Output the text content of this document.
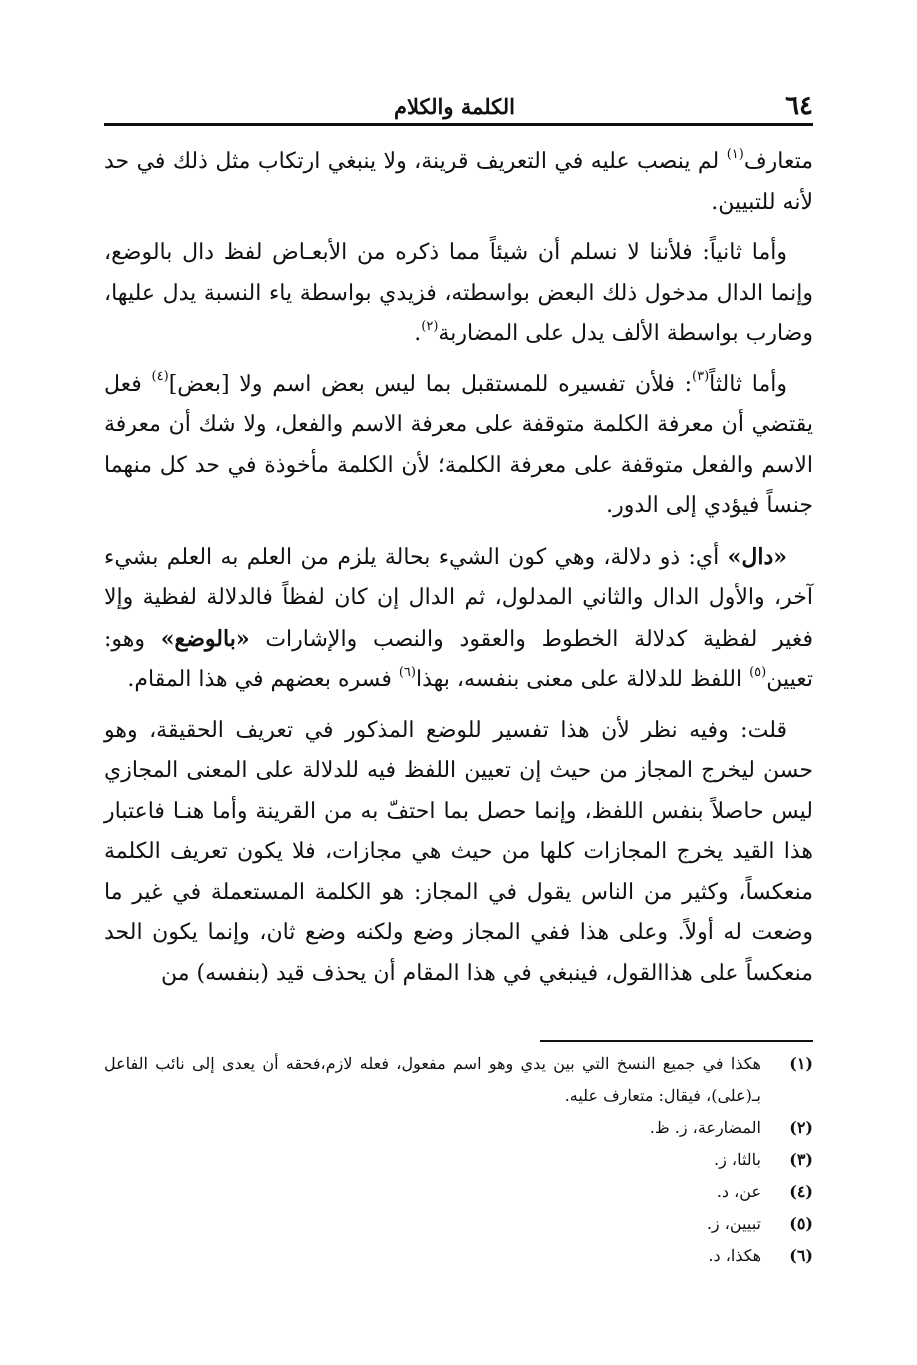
٦٤
الكلمة والكلام

متعارف$^{(١)}$ لم ينصب عليه في التعريف قرينة، ولا ينبغي ارتكاب مثل ذلك في حد لأنه للتبيين.

وأما ثانياً: فلأننا لا نسلم أن شيئاً مما ذكره من الأبعـاض لفظ دال بالوضع، وإنما الدال مدخول ذلك البعض بواسطته، فزيدي بواسطة ياء النسبة يدل عليها، وضارب بواسطة الألف يدل على المضاربة$^{(٢)}$.

وأما ثالثاً$^{(٣)}$: فلأن تفسيره للمستقبل بما ليس بعض اسم ولا [بعض]$^{(٤)}$ فعل يقتضي أن معرفة الكلمة متوقفة على معرفة الاسم والفعل، ولا شك أن معرفة الاسم والفعل متوقفة على معرفة الكلمة؛ لأن الكلمة مأخوذة في حد كل منهما جنساً فيؤدي إلى الدور.

«دال» أي: ذو دلالة، وهي كون الشيء بحالة يلزم من العلم به العلم بشيء آخر، والأول الدال والثاني المدلول، ثم الدال إن كان لفظاً فالدلالة لفظية وإلا فغير لفظية كدلالة الخطوط والعقود والنصب والإشارات «بالوضع» وهو: تعيين$^{(٥)}$ اللفظ للدلالة على معنى بنفسه، بهذا$^{(٦)}$ فسره بعضهم في هذا المقام.

قلت: وفيه نظر لأن هذا تفسير للوضع المذكور في تعريف الحقيقة، وهو حسن ليخرج المجاز من حيث إن تعيين اللفظ فيه للدلالة على المعنى المجازي ليس حاصلاً بنفس اللفظ، وإنما حصل بما احتفّ به من القرينة وأما هنـا فاعتبار هذا القيد يخرج المجازات كلها من حيث هي مجازات، فلا يكون تعريف الكلمة منعكساً، وكثير من الناس يقول في المجاز: هو الكلمة المستعملة في غير ما وضعت له أولاً. وعلى هذا ففي المجاز وضع ولكنه وضع ثان، وإنما يكون الحد منعكساً على هذاالقول، فينبغي في هذا المقام أن يحذف قيد (بنفسه) من

(١)
هكذا في جميع النسخ التي بين يدي وهو اسم مفعول، فعله لازم،فحقه أن يعدى إلى نائب الفاعل بـ(على)، فيقال: متعارف عليه.
(٢)
المضارعة، ز. ظ.
(٣)
بالثا، ز.
(٤)
عن، د.
(٥)
تبيين، ز.
(٦)
هكذا، د.
